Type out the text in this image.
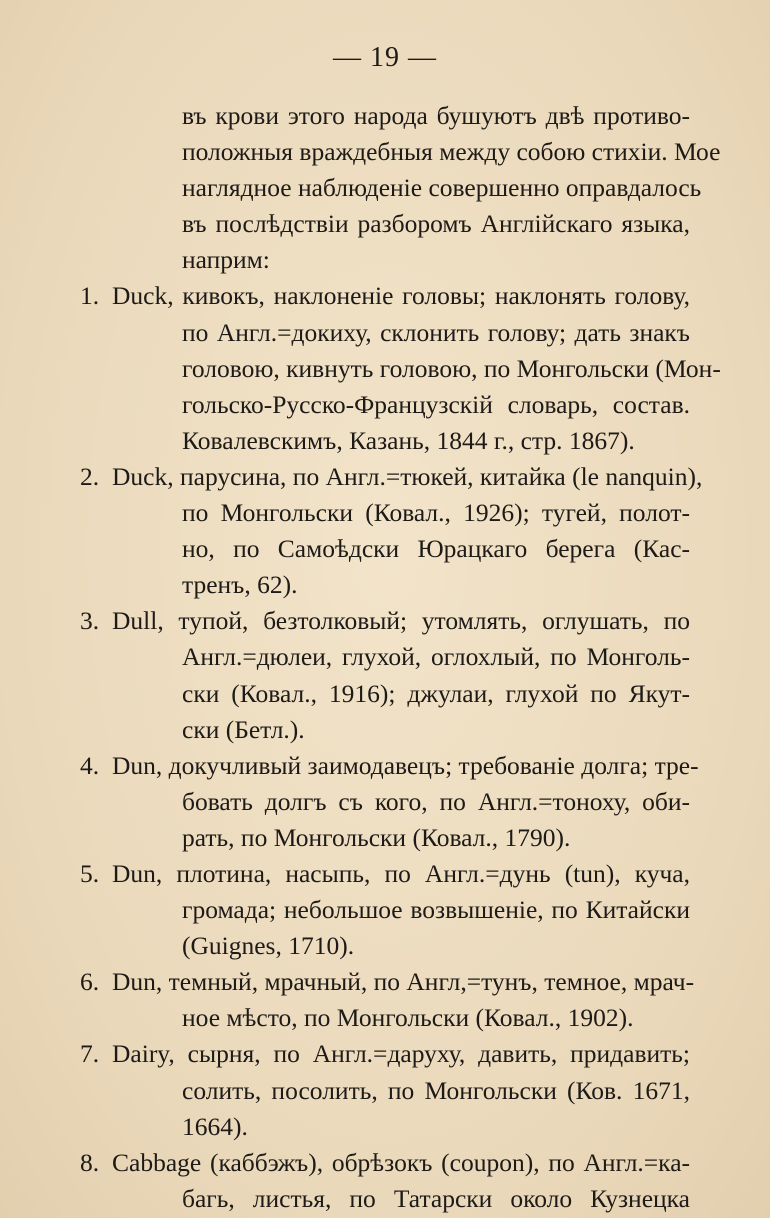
— 19 —
въ крови этого народа бушуютъ двѣ противо-
положныя враждебныя между собою стихіи. Мое
наглядное наблюденіе совершенно оправдалось
въ послѣдствіи разборомъ Англійскаго языка,
наприм:
1. Duck, кивокъ, наклоненіе головы; наклонять голову,
по Англ.=докиху, склонить голову; дать знакъ
головою, кивнуть головою, по Монгольски (Мон-
гольско-Русско-Французскій словарь, состав.
Ковалевскимъ, Казань, 1844 г., стр. 1867).
2. Duck, парусина, по Англ.=тюкей, китайка (le nanquin),
по Монгольски (Ковал., 1926); тугей, полот-
но, по Самоѣдски Юрацкаго берега (Кас-
тренъ, 62).
3. Dull, тупой, безтолковый; утомлять, оглушать, по
Англ.=дюлеи, глухой, оглохлый, по Монголь-
ски (Ковал., 1916); джулаи, глухой по Якут-
ски (Бетл.).
4. Dun, докучливый заимодавецъ; требованіе долга; тре-
бовать долгъ съ кого, по Англ.=тоноху, оби-
рать, по Монгольски (Ковал., 1790).
5. Dun, плотина, насыпь, по Англ.=дунь (tun), куча,
громада; небольшое возвышеніе, по Китайски
(Guignes, 1710).
6. Dun, темный, мрачный, по Англ,=тунъ, темное, мрач-
ное мѣсто, по Монгольски (Ковал., 1902).
7. Dairy, сырня, по Англ.=даруху, давить, придавить;
солить, посолить, по Монгольски (Ков. 1671,
1664).
8. Cabbage (каббэжъ), обрѣзокъ (coupon), по Англ.=ка-
багь, листья, по Татарски около Кузнецка
